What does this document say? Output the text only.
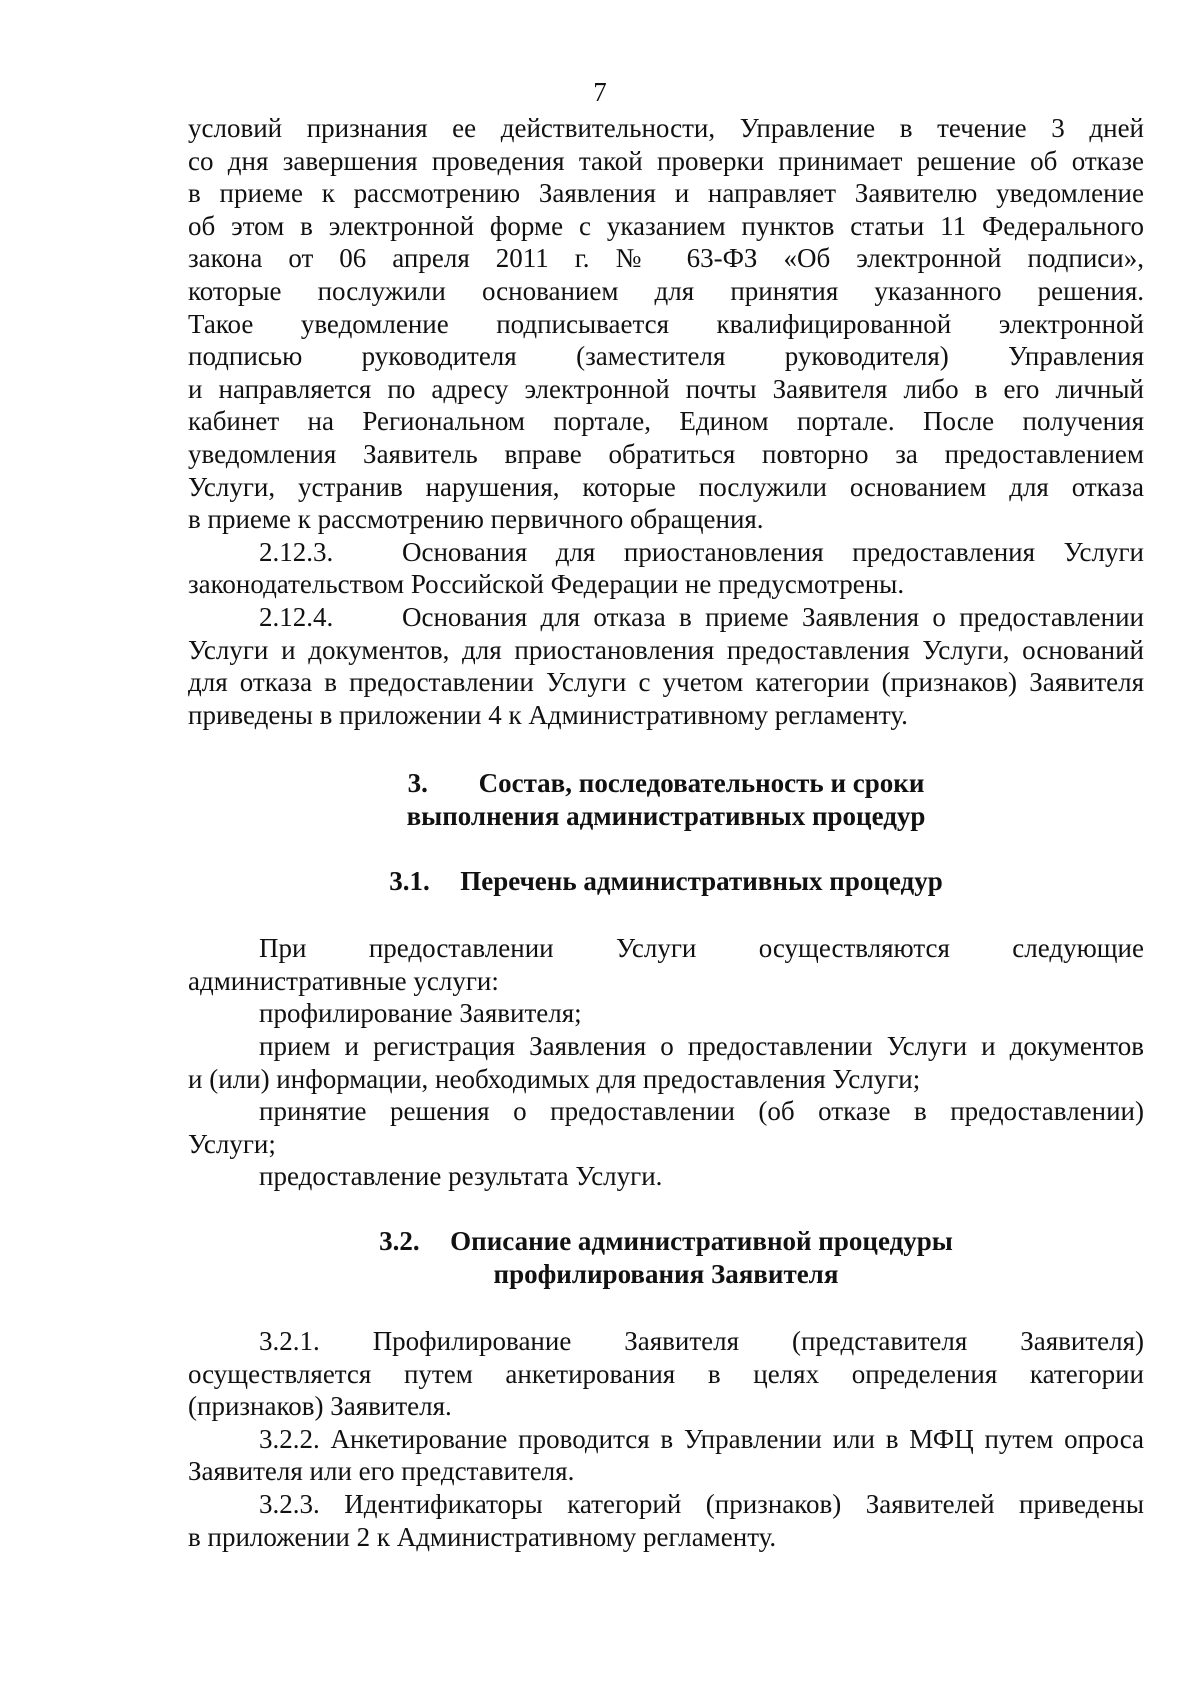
7
условий признания ее действительности, Управление в течение 3 дней
со дня завершения проведения такой проверки принимает решение об отказе
в приеме к рассмотрению Заявления и направляет Заявителю уведомление
об этом в электронной форме с указанием пунктов статьи 11 Федерального
закона от 06 апреля 2011 г. № 63-ФЗ «Об электронной подписи»,
которые послужили основанием для принятия указанного решения.
Такое уведомление подписывается квалифицированной электронной
подписью руководителя (заместителя руководителя) Управления
и направляется по адресу электронной почты Заявителя либо в его личный
кабинет на Региональном портале, Едином портале. После получения
уведомления Заявитель вправе обратиться повторно за предоставлением
Услуги, устранив нарушения, которые послужили основанием для отказа
в приеме к рассмотрению первичного обращения.
2.12.3.	Основания для приостановления предоставления Услуги
законодательством Российской Федерации не предусмотрены.
2.12.4.	Основания для отказа в приеме Заявления о предоставлении
Услуги и документов, для приостановления предоставления Услуги, оснований
для отказа в предоставлении Услуги с учетом категории (признаков) Заявителя
приведены в приложении 4 к Административному регламенту.
3. Состав, последовательность и сроки
выполнения административных процедур
3.1. Перечень административных процедур
При предоставлении Услуги осуществляются следующие
административные услуги:
профилирование Заявителя;
прием и регистрация Заявления о предоставлении Услуги и документов
и (или) информации, необходимых для предоставления Услуги;
принятие решения о предоставлении (об отказе в предоставлении)
Услуги;
предоставление результата Услуги.
3.2. Описание административной процедуры
профилирования Заявителя
3.2.1. Профилирование Заявителя (представителя Заявителя)
осуществляется путем анкетирования в целях определения категории
(признаков) Заявителя.
3.2.2. Анкетирование проводится в Управлении или в МФЦ путем опроса
Заявителя или его представителя.
3.2.3. Идентификаторы категорий (признаков) Заявителей приведены
в приложении 2 к Административному регламенту.
